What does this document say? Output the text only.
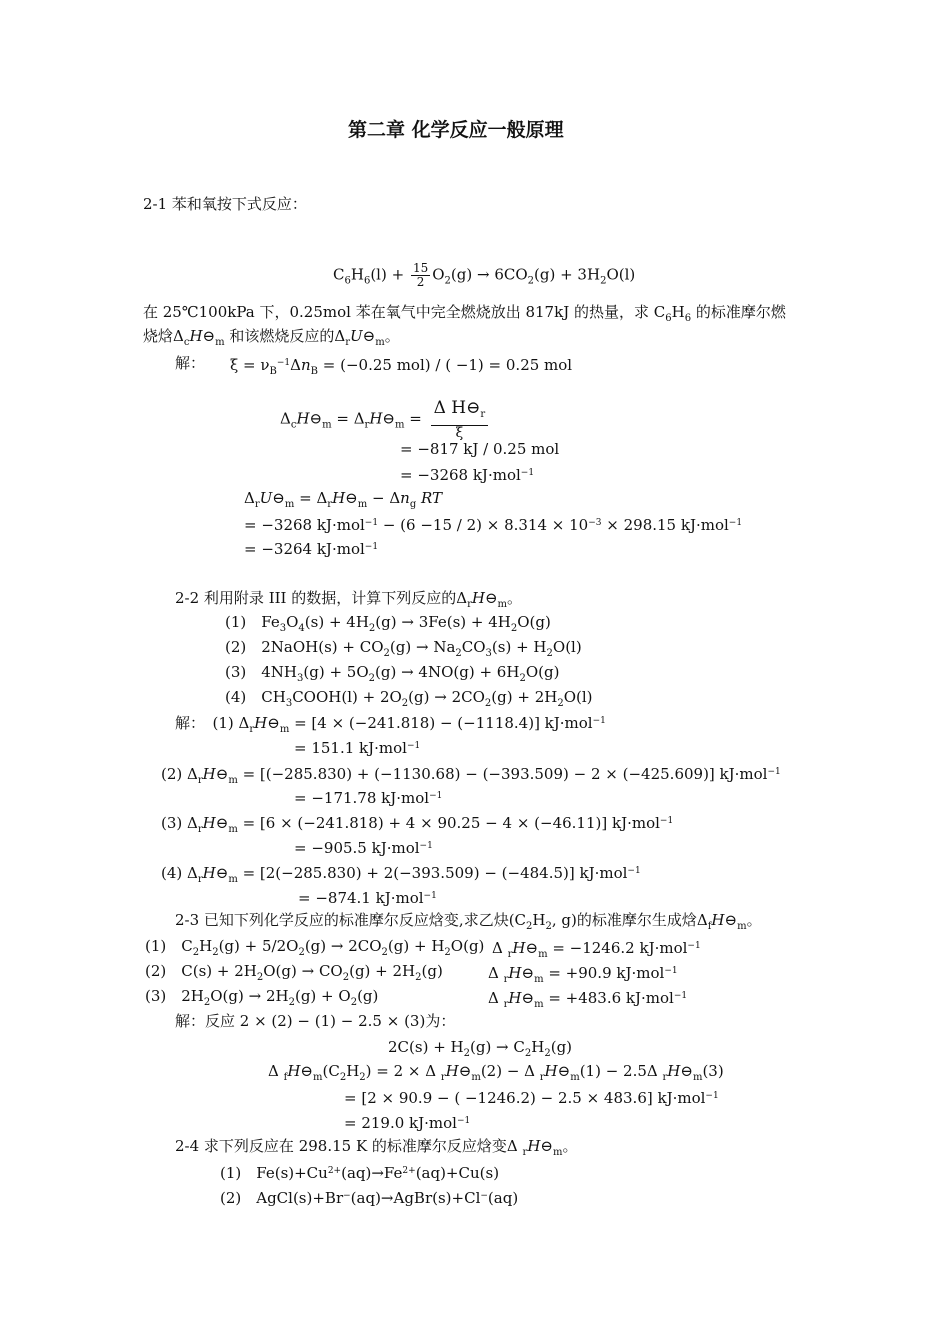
第二章 化学反应一般原理
2-1 苯和氧按下式反应：
$C_6H_6(l) + \frac{15}{2} O_2(g) \to 6CO_2(g) + 3H_2O(l)$
在 25℃100kPa 下，0.25mol 苯在氧气中完全燃烧放出 817kJ 的热量，求 $C_6H_6$ 的标准摩尔燃
烧焓$\Delta_cH⊖_m$ 和该燃烧反应的$\Delta_rU⊖_m$。
解： $\xi = \nu_B^{-1}\Delta n_B = (-0.25$ mol) / ( −1) = 0.25 mol
$\Delta_cH⊖_m$ = $\Delta_rH⊖_m = \frac{\Delta H⊖_r}{\xi}$
= −817 kJ / 0.25 mol
= −3268 kJ·mol$^{-1}$
$\Delta_rU⊖_m$ = $\Delta_rH⊖_m - \Delta n_g$ RT
= −3268 $kJ\cdot mol^{-1} - (6 -15 / 2) \times 8.314 \times 10^{-3} \times 298.15$ kJ·mol$^{-1}$
= −3264 kJ·mol$^{-1}$
2-2 利用附录 III 的数据，计算下列反应的$\Delta_rH⊖_m$。
(1)　$Fe_3O_4(s) + 4H_2(g) \to 3Fe(s) + 4H_2O(g)$
(2)　2NaOH(s) + $CO_2(g) \to Na_2CO_3(s) + H_2O(l)$
(3)　$4NH_3(g) + 5O_2(g) \to 4NO(g) + 6H_2O(g)$
(4)　$CH_3COOH(l) + 2O_2(g) \to 2CO_2(g) + 2H_2O(l)$
解：　(1) $\Delta_rH⊖_m = [4 \times (-241.818) - (-1118.4)]$ kJ·mol$^{-1}$
= 151.1 kJ·mol$^{-1}$
(2) $\Delta_rH⊖_m = [(-285.830) + (-1130.68) - (-393.509) - 2 \times (-425.609)]$ kJ·mol$^{-1}$
= −171.78 kJ·mol$^{-1}$
(3) $\Delta_rH⊖_m = [6 \times (-241.818) + 4 \times 90.25 - 4 \times (-46.11)]$ kJ·mol$^{-1}$
= −905.5 kJ·mol$^{-1}$
(4) $\Delta_rH⊖_m = [2(-285.830) + 2(-393.509) - (-484.5)]$ kJ·mol$^{-1}$
= −874.1 kJ·mol$^{-1}$
2-3 已知下列化学反应的标准摩尔反应焓变,求乙炔($C_2H_2$, g)的标准摩尔生成焓$\Delta_fH⊖_m$。
(1)　$C_2H_2(g) + 5/2O_2(g) \to 2CO_2(g) + H_2O(g)$ Δ $_rH⊖_m = -1246.2$ kJ·mol$^{-1}$
(2)　$C(s) + 2H_2O(g) \to CO_2(g) + 2H_2(g)$	Δ $_rH⊖_m = +90.9$ kJ·mol$^{-1}$
(3)　$2H_2O(g) \to 2H_2(g) + O_2(g)$	Δ $_rH⊖_m = +483.6$ kJ·mol$^{-1}$
解：反应 2 × (2) − (1) − 2.5 × (3)为：
$2C(s) + H_2(g) \to C_2H_2(g)$
Δ $_fH⊖_m(C_2H_2) = 2 \times \Delta$ $_rH⊖_m(2) - \Delta$ $_rH⊖_m(1) - 2.5\Delta$ $_rH⊖_m(3)$
= [2 × 90.9 − ( −1246.2) − 2.5 × 483.6] kJ·mol$^{-1}$
= 219.0 kJ·mol$^{-1}$
2-4 求下列反应在 298.15 K 的标准摩尔反应焓变Δ $_rH⊖_m$。
(1)　$Fe(s)+Cu^{2+}(aq)\to Fe^{2+}(aq)+Cu(s)$
(2)　AgCl(s)+Br−(aq)→AgBr(s)+Cl−(aq)
